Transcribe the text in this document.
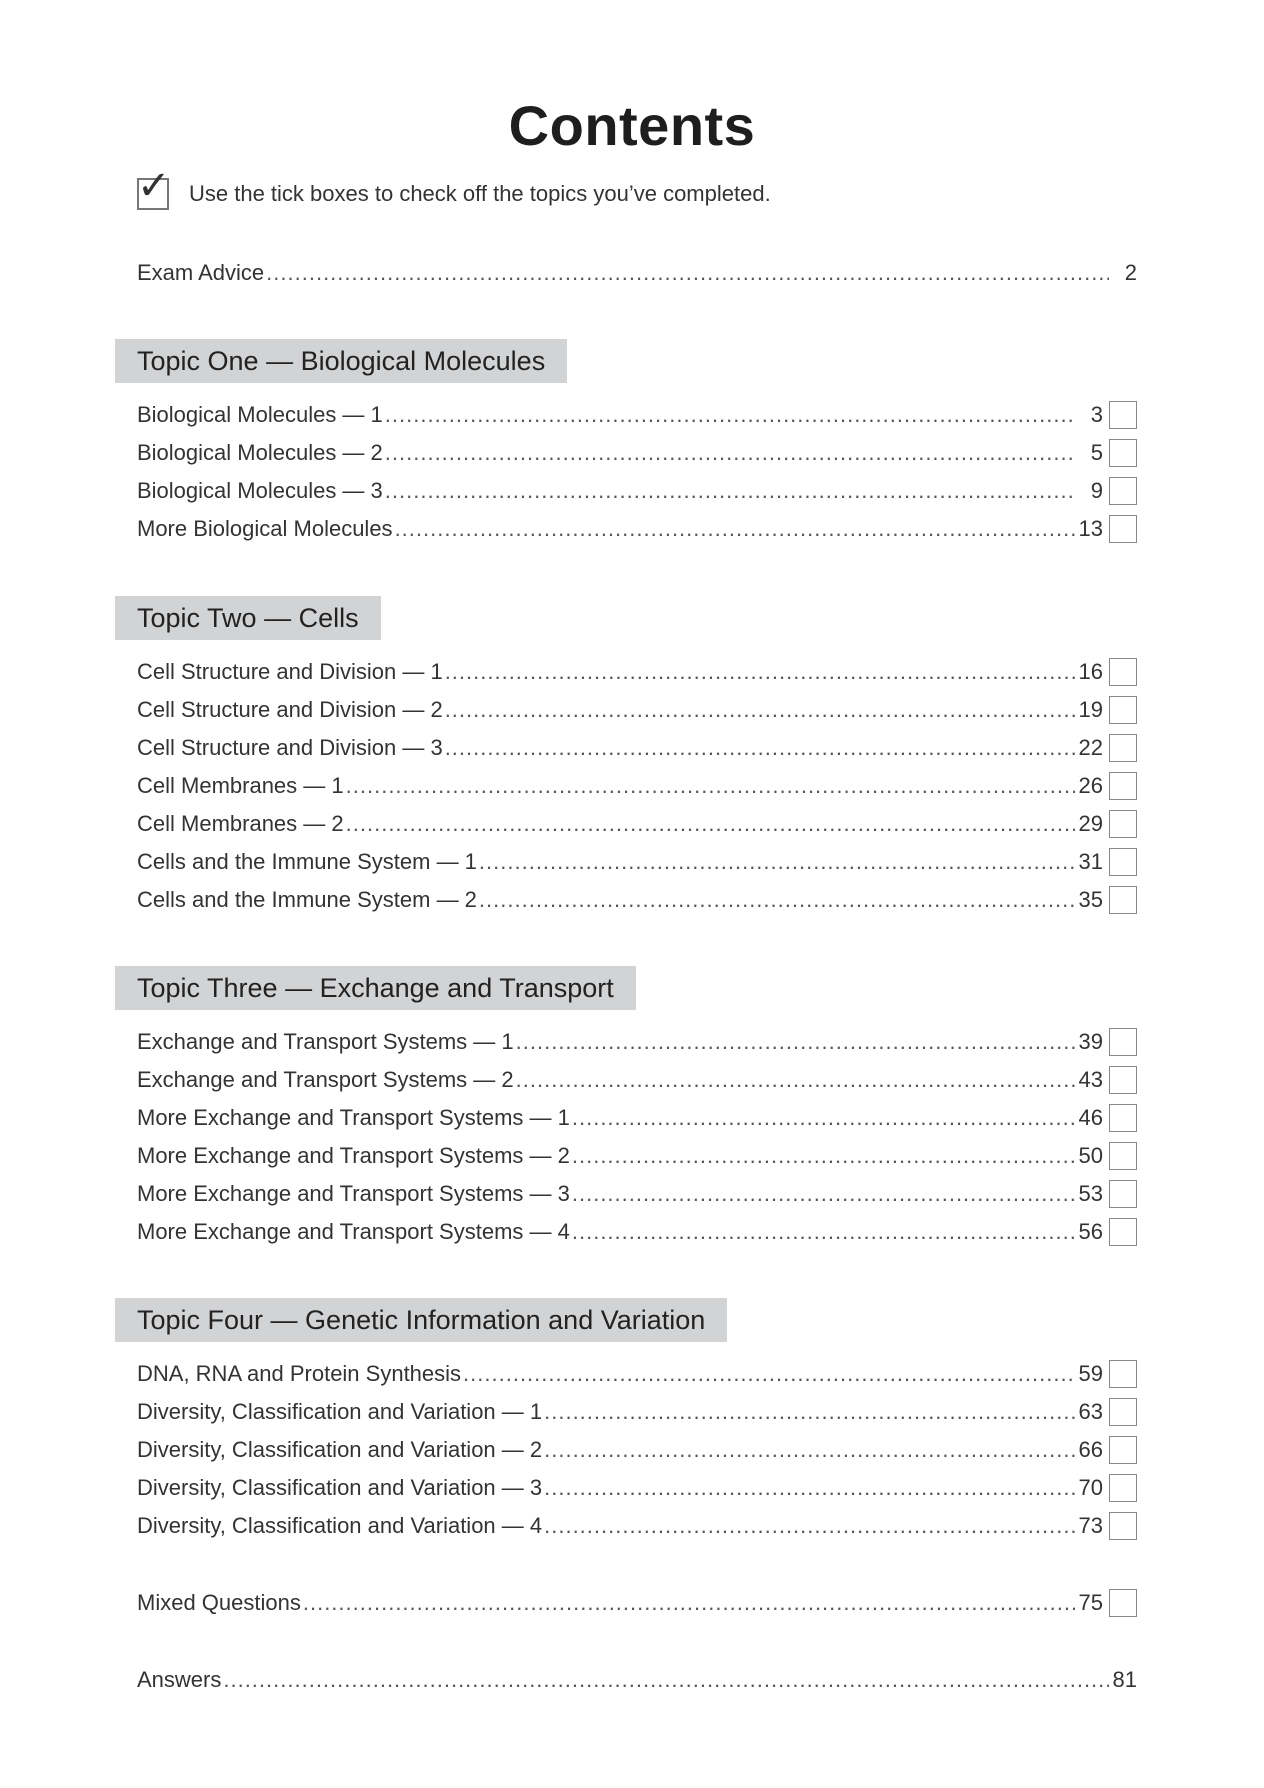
Contents
✓ Use the tick boxes to check off the topics you’ve completed.
Exam Advice .....	2
Topic One — Biological Molecules
Biological Molecules — 1 .....	3
Biological Molecules — 2 .....	5
Biological Molecules — 3 .....	9
More Biological Molecules .....	13
Topic Two — Cells
Cell Structure and Division — 1 .....	16
Cell Structure and Division — 2 .....	19
Cell Structure and Division — 3 .....	22
Cell Membranes — 1 .....	26
Cell Membranes — 2 .....	29
Cells and the Immune System — 1 .....	31
Cells and the Immune System — 2 .....	35
Topic Three — Exchange and Transport
Exchange and Transport Systems — 1 .....	39
Exchange and Transport Systems — 2 .....	43
More Exchange and Transport Systems — 1 .....	46
More Exchange and Transport Systems — 2 .....	50
More Exchange and Transport Systems — 3 .....	53
More Exchange and Transport Systems — 4 .....	56
Topic Four — Genetic Information and Variation
DNA, RNA and Protein Synthesis .....	59
Diversity, Classification and Variation — 1 .....	63
Diversity, Classification and Variation — 2 .....	66
Diversity, Classification and Variation — 3 .....	70
Diversity, Classification and Variation — 4 .....	73
Mixed Questions .....	75
Answers .....	81
